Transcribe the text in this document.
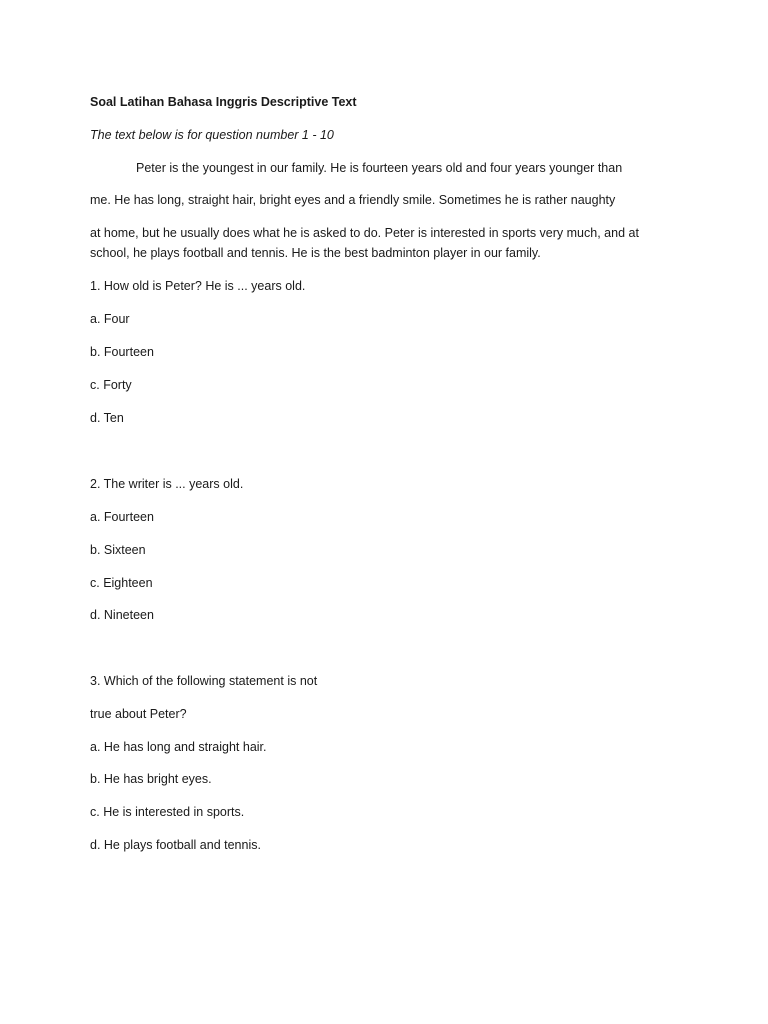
Soal Latihan Bahasa Inggris Descriptive Text
The text below is for question number 1 - 10
Peter is the youngest in our family. He is fourteen years old and four years younger than
me. He has long, straight hair, bright eyes and a friendly smile. Sometimes he is rather naughty
at home, but he usually does what he is asked to do. Peter is interested in sports very much, and at
school, he plays football and tennis. He is the best badminton player in our family.
1. How old is Peter? He is ... years old.
a. Four
b. Fourteen
c. Forty
d. Ten
2. The writer is ... years old.
a. Fourteen
b. Sixteen
c. Eighteen
d. Nineteen
3. Which of the following statement is not
true about Peter?
a. He has long and straight hair.
b. He has bright eyes.
c. He is interested in sports.
d. He plays football and tennis.
